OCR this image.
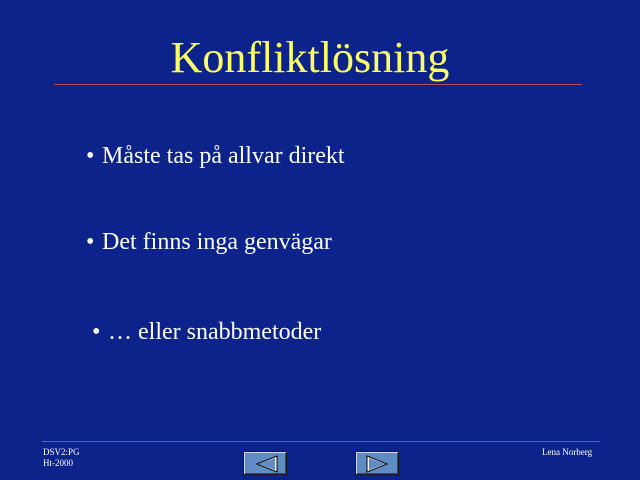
Konfliktlösning
• Måste tas på allvar direkt
• Det finns inga genvägar
• … eller snabbmetoder
DSV2:PG
Ht-2000
Lena Norberg
